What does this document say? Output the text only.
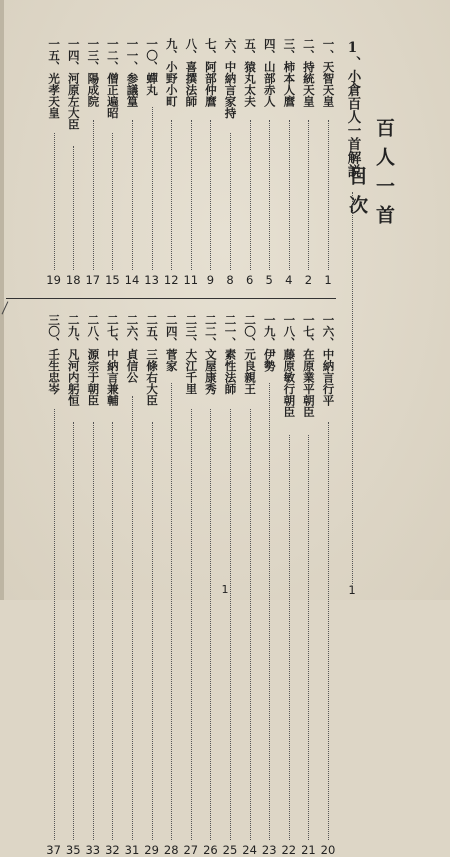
百人一首
目次
1、小倉百人一首解説
1
一、天智天皇
1
二、持統天皇
2
三、柿本人麿
4
四、山部赤人
5
五、猿丸太夫
6
六、中納言家持
8
七、阿部仲麿
9
八、喜撰法師
11
九、小野小町
12
一〇、蟬丸
13
一一、参議篁
14
一二、僧正遍昭
15
一三、陽成院
17
一四、河原左大臣
18
一五、光孝天皇
19
一六、中納言行平
20
一七、在原業平朝臣
21
一八、藤原敏行朝臣
22
一九、伊勢
23
二〇、元良親王
24
二一、素性法師
25
二二、文屋康秀
26
二三、大江千里
27
二四、菅家
28
二五、三條右大臣
29
二六、貞信公
31
二七、中納言兼輔
32
二八、源宗于朝臣
33
二九、凡河内躬恒
35
三〇、壬生忠岑
37
1
